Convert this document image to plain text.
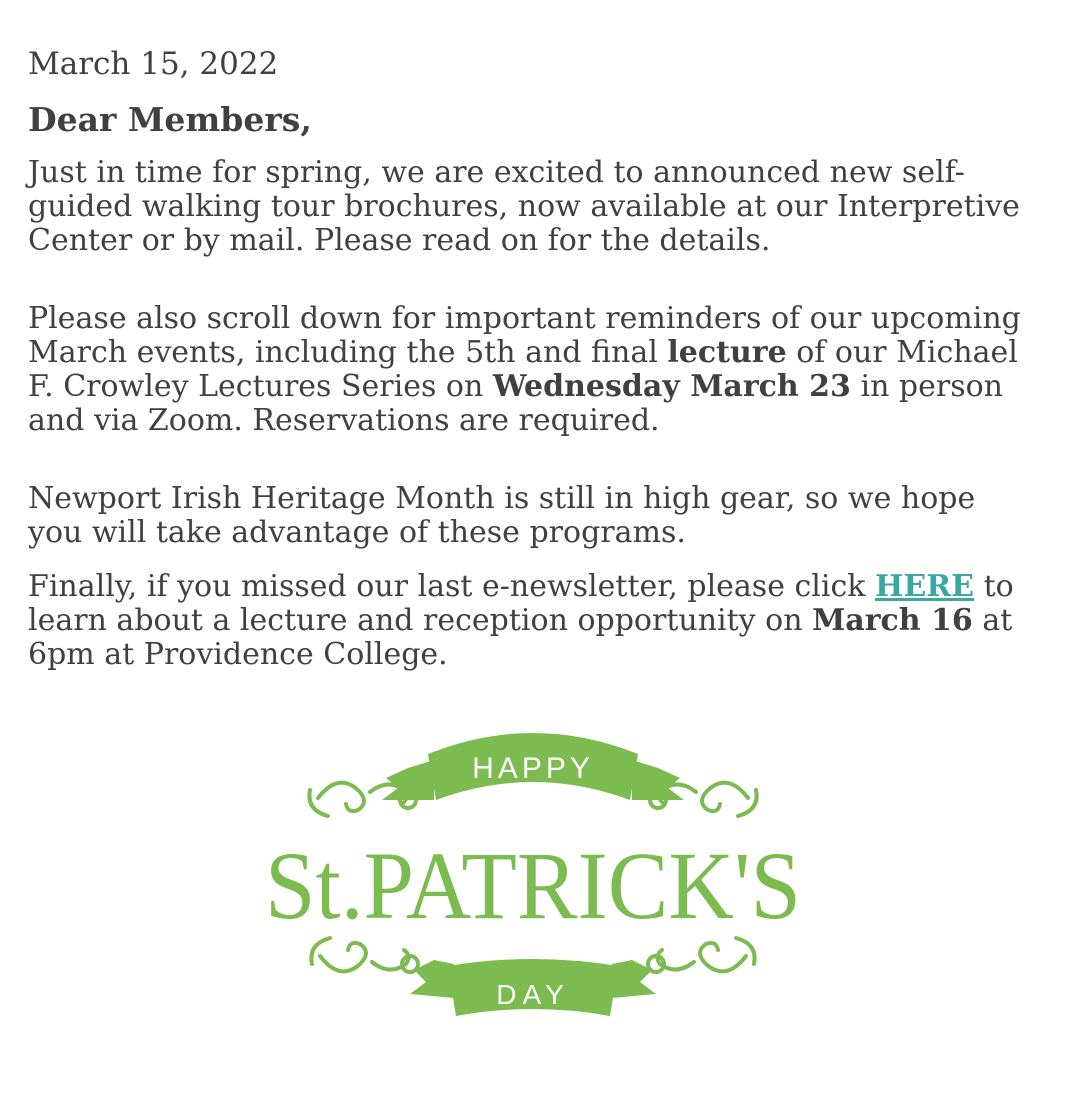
March 15, 2022

Dear Members,

Just in time for spring, we are excited to announced new self-guided walking tour brochures, now available at our Interpretive Center or by mail. Please read on for the details.

Please also scroll down for important reminders of our upcoming March events, including the 5th and final lecture of our Michael F. Crowley Lectures Series on Wednesday March 23 in person and via Zoom. Reservations are required.

Newport Irish Heritage Month is still in high gear, so we hope you will take advantage of these programs.

Finally, if you missed our last e-newsletter, please click HERE to learn about a lecture and reception opportunity on March 16 at 6pm at Providence College.

HAPPY
St.PATRICK'S
DAY
